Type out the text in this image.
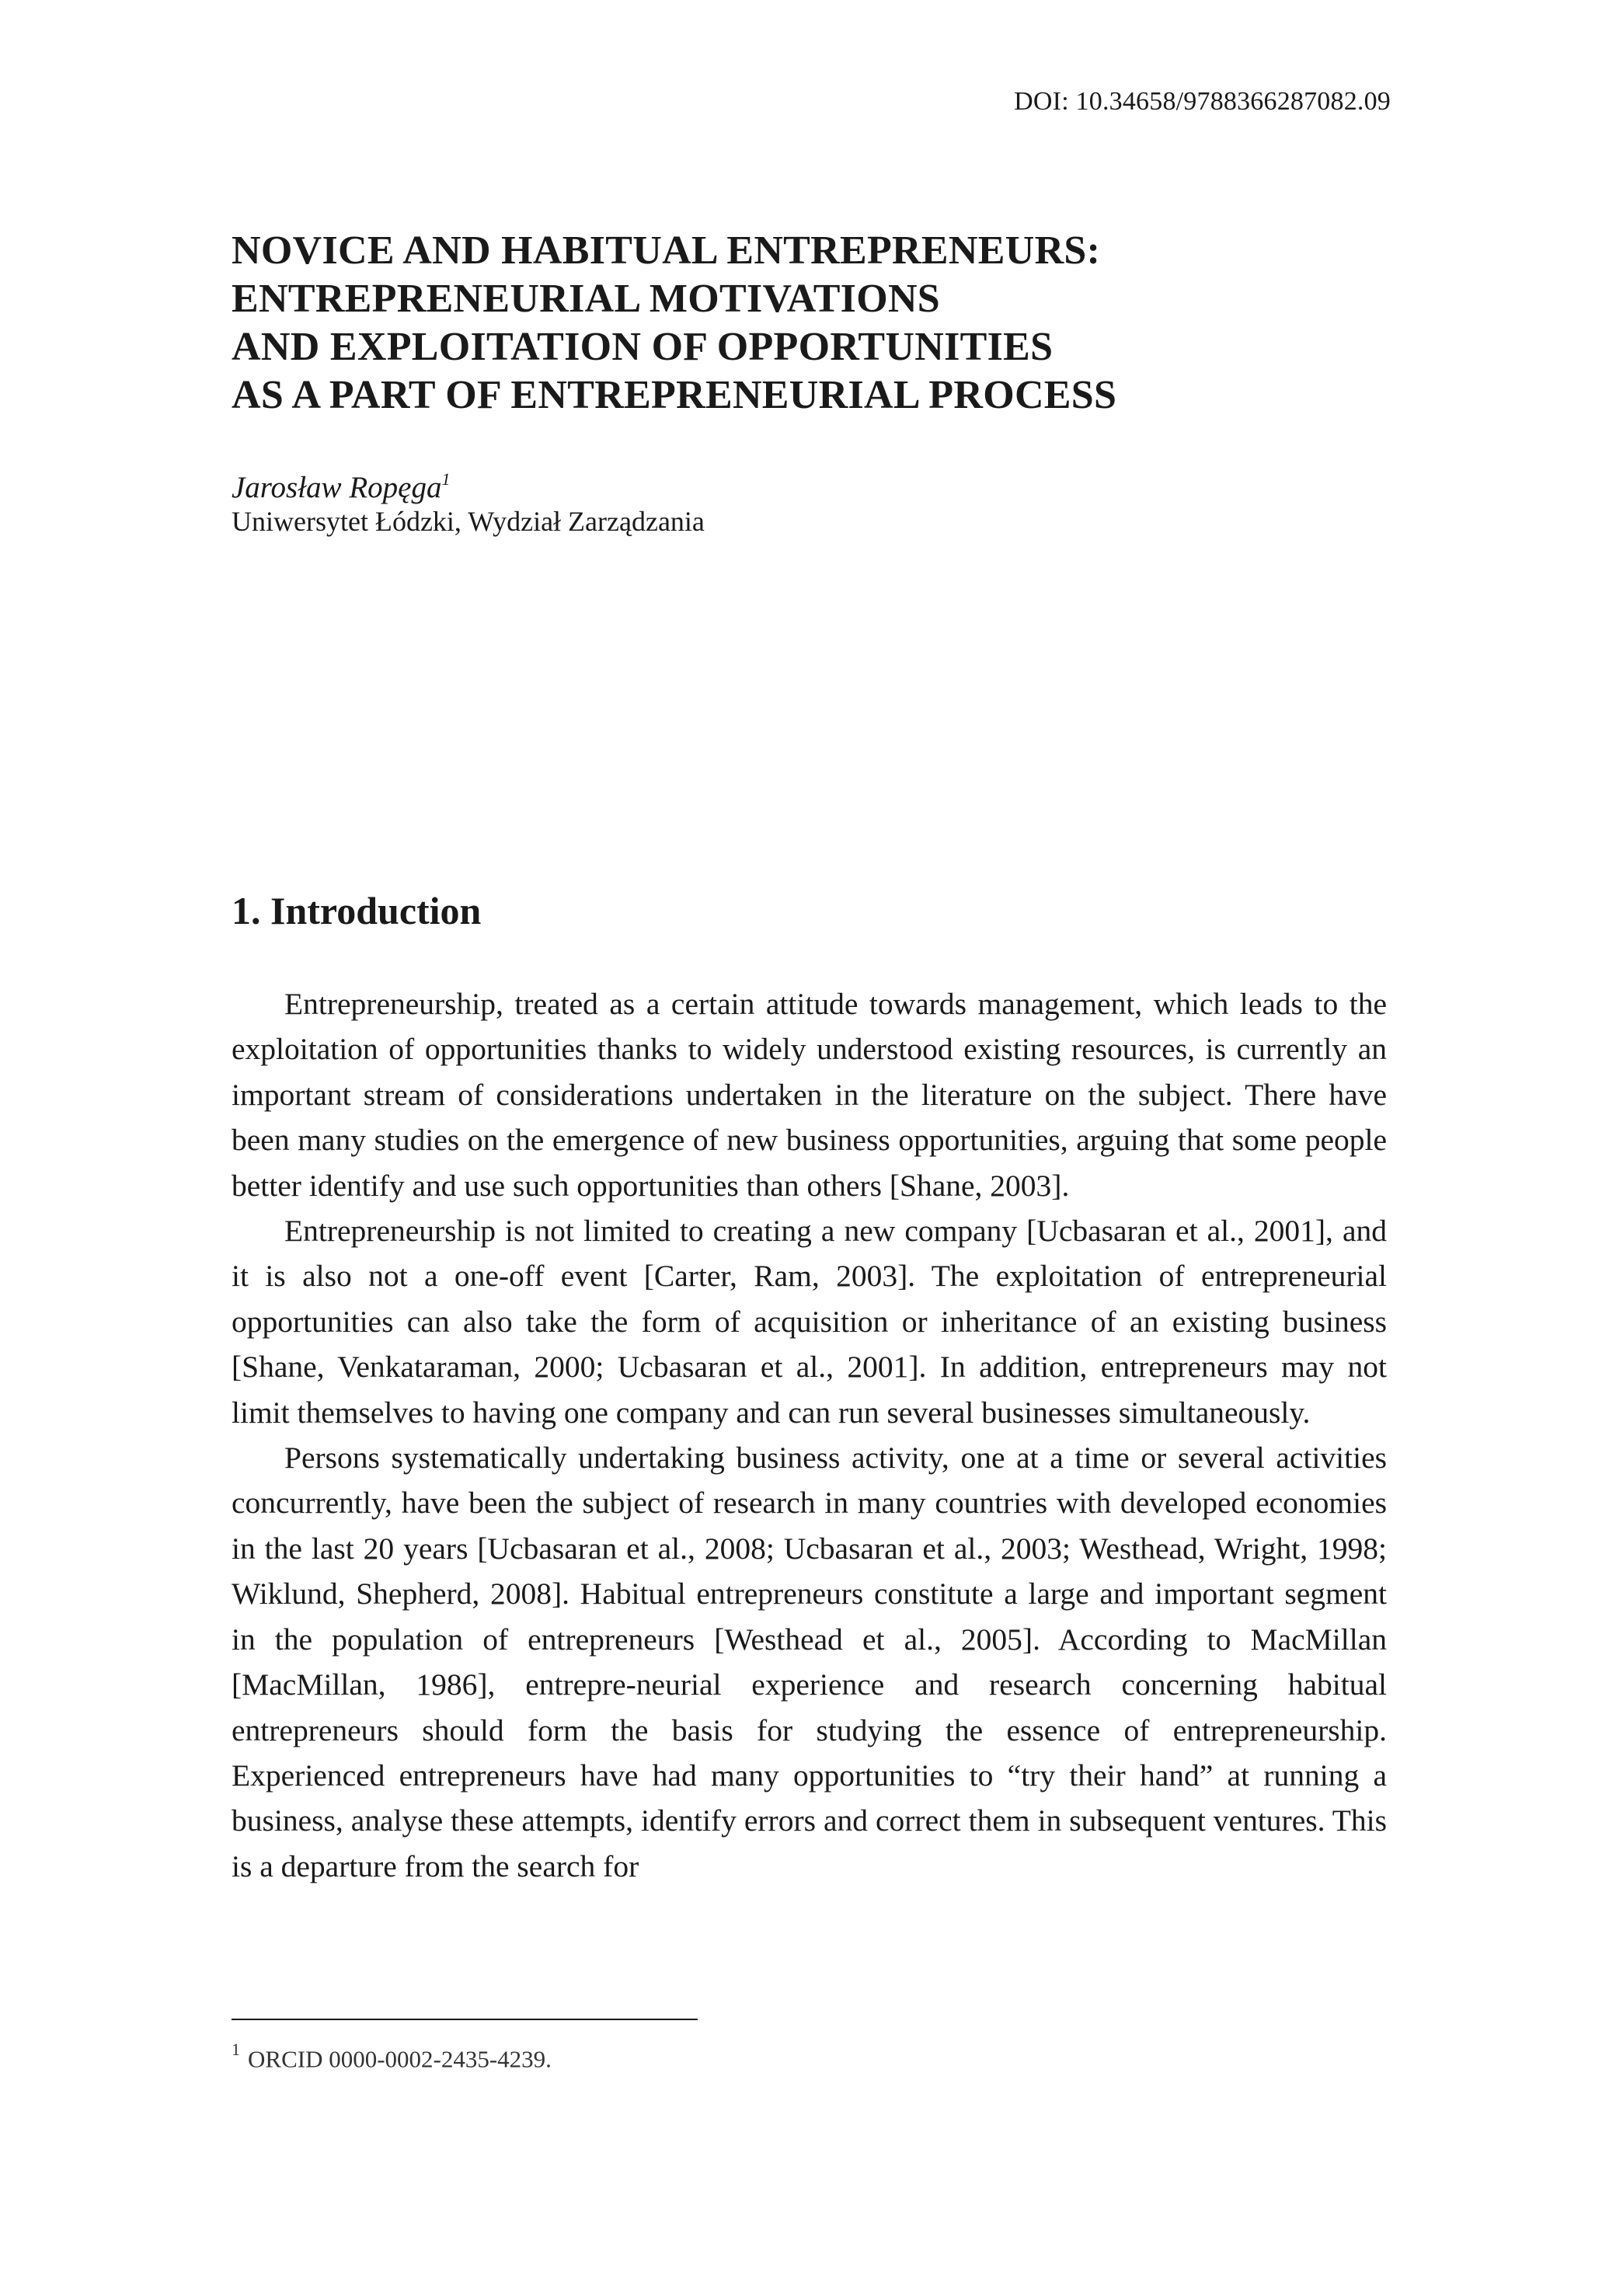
DOI: 10.34658/9788366287082.09
NOVICE AND HABITUAL ENTREPRENEURS:
ENTREPRENEURIAL MOTIVATIONS
AND EXPLOITATION OF OPPORTUNITIES
AS A PART OF ENTREPRENEURIAL PROCESS
Jarosław Ropęga$^1$
Uniwersytet Łódzki, Wydział Zarządzania
1. Introduction

Entrepreneurship, treated as a certain attitude towards management, which leads to the exploitation of opportunities thanks to widely understood existing resources, is currently an important stream of considerations undertaken in the literature on the subject. There have been many studies on the emergence of new business opportunities, arguing that some people better identify and use such opportunities than others [Shane, 2003].

Entrepreneurship is not limited to creating a new company [Ucbasaran et al., 2001], and it is also not a one-off event [Carter, Ram, 2003]. The exploitation of entrepreneurial opportunities can also take the form of acquisition or inheritance of an existing business [Shane, Venkataraman, 2000; Ucbasaran et al., 2001]. In addition, entrepreneurs may not limit themselves to having one company and can run several businesses simultaneously.

Persons systematically undertaking business activity, one at a time or several activities concurrently, have been the subject of research in many countries with developed economies in the last 20 years [Ucbasaran et al., 2008; Ucbasaran et al., 2003; Westhead, Wright, 1998; Wiklund, Shepherd, 2008]. Habitual entrepreneurs constitute a large and important segment in the population of entrepreneurs [Westhead et al., 2005]. According to MacMillan [MacMillan, 1986], entrepre-neurial experience and research concerning habitual entrepreneurs should form the basis for studying the essence of entrepreneurship. Experienced entrepreneurs have had many opportunities to “try their hand” at running a business, analyse these attempts, identify errors and correct them in subsequent ventures. This is a departure from the search for

$^1$ ORCID 0000-0002-2435-4239.
